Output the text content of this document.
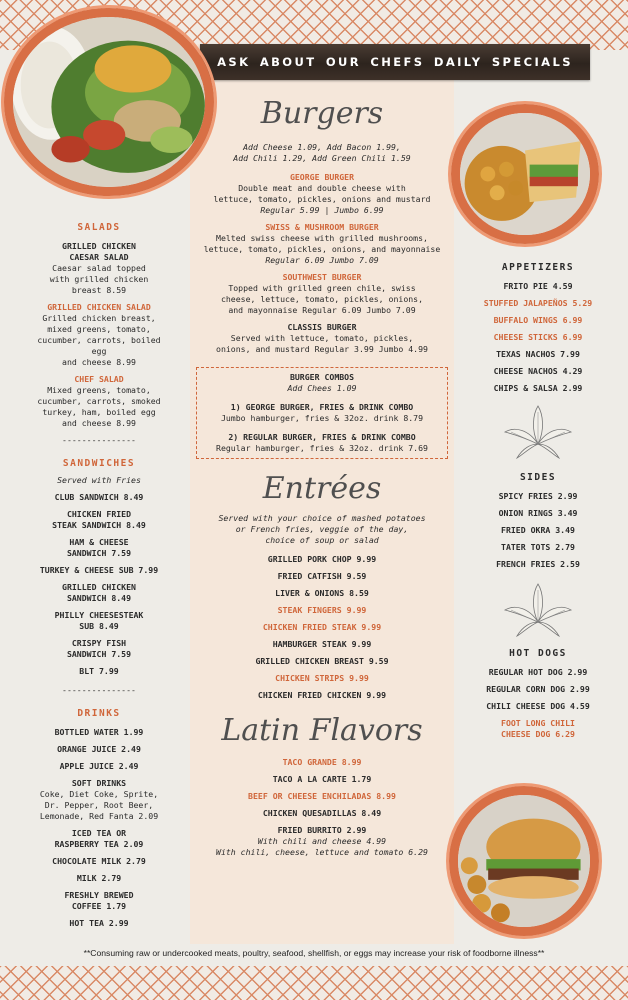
ASK ABOUT OUR CHEFS DAILY SPECIALS
SALADS
GRILLED CHICKEN
CAESAR SALAD
Caesar salad topped
with grilled chicken
breast 8.59
GRILLED CHICKEN SALAD
Grilled chicken breast,
mixed greens, tomato,
cucumber, carrots, boiled
egg
and cheese 8.99
CHEF SALAD
Mixed greens, tomato,
cucumber, carrots, smoked
turkey, ham, boiled egg
and cheese 8.99
---------------
SANDWICHES
Served with Fries
CLUB SANDWICH 8.49
CHICKEN FRIED
STEAK SANDWICH 8.49
HAM & CHEESE
SANDWICH 7.59
TURKEY & CHEESE SUB 7.99
GRILLED CHICKEN
SANDWICH 8.49
PHILLY CHEESESTEAK
SUB 8.49
CRISPY FISH
SANDWICH 7.59
BLT 7.99
---------------
DRINKS
BOTTLED WATER 1.99
ORANGE JUICE 2.49
APPLE JUICE 2.49
SOFT DRINKS
Coke, Diet Coke, Sprite,
Dr. Pepper, Root Beer,
Lemonade, Red Fanta 2.09
ICED TEA OR
RASPBERRY TEA 2.09
CHOCOLATE MILK 2.79
MILK 2.79
FRESHLY BREWED
COFFEE 1.79
HOT TEA 2.99
Burgers
Add Cheese 1.09, Add Bacon 1.99,
Add Chili 1.29, Add Green Chili 1.59
GEORGE BURGER
Double meat and double cheese with
lettuce, tomato, pickles, onions and mustard
Regular 5.99 | Jumbo 6.99
SWISS & MUSHROOM BURGER
Melted swiss cheese with grilled mushrooms,
lettuce, tomato, pickles, onions, and mayonnaise
Regular 6.09 Jumbo 7.09
SOUTHWEST BURGER
Topped with grilled green chile, swiss
cheese, lettuce, tomato, pickles, onions,
and mayonnaise Regular 6.09 Jumbo 7.09
CLASSIS BURGER
Served with lettuce, tomato, pickles,
onions, and mustard Regular 3.99 Jumbo 4.99
BURGER COMBOS
Add Chees 1.09
1) GEORGE BURGER, FRIES & DRINK COMBO
Jumbo hamburger, fries & 32oz. drink 8.79
2) REGULAR BURGER, FRIES & DRINK COMBO
Regular hamburger, fries & 32oz. drink 7.69
Entrées
Served with your choice of mashed potatoes
or French fries, veggie of the day,
choice of soup or salad
GRILLED PORK CHOP 9.99
FRIED CATFISH 9.59
LIVER & ONIONS 8.59
STEAK FINGERS 9.99
CHICKEN FRIED STEAK 9.99
HAMBURGER STEAK 9.99
GRILLED CHICKEN BREAST 9.59
CHICKEN STRIPS 9.99
CHICKEN FRIED CHICKEN 9.99
Latin Flavors
TACO GRANDE 8.99
TACO A LA CARTE 1.79
BEEF OR CHEESE ENCHILADAS 8.99
CHICKEN QUESADILLAS 8.49
FRIED BURRITO 2.99
With chili and cheese 4.99
With chili, cheese, lettuce and tomato 6.29
APPETIZERS
FRITO PIE 4.59
STUFFED JALAPEÑOS 5.29
BUFFALO WINGS 6.99
CHEESE STICKS 6.99
TEXAS NACHOS 7.99
CHEESE NACHOS 4.29
CHIPS & SALSA 2.99
SIDES
SPICY FRIES 2.99
ONION RINGS 3.49
FRIED OKRA 3.49
TATER TOTS 2.79
FRENCH FRIES 2.59
HOT DOGS
REGULAR HOT DOG 2.99
REGULAR CORN DOG 2.99
CHILI CHEESE DOG 4.59
FOOT LONG CHILI
CHEESE DOG 6.29
**Consuming raw or undercooked meats, poultry, seafood, shellfish, or eggs may increase your risk of foodborne illness**
